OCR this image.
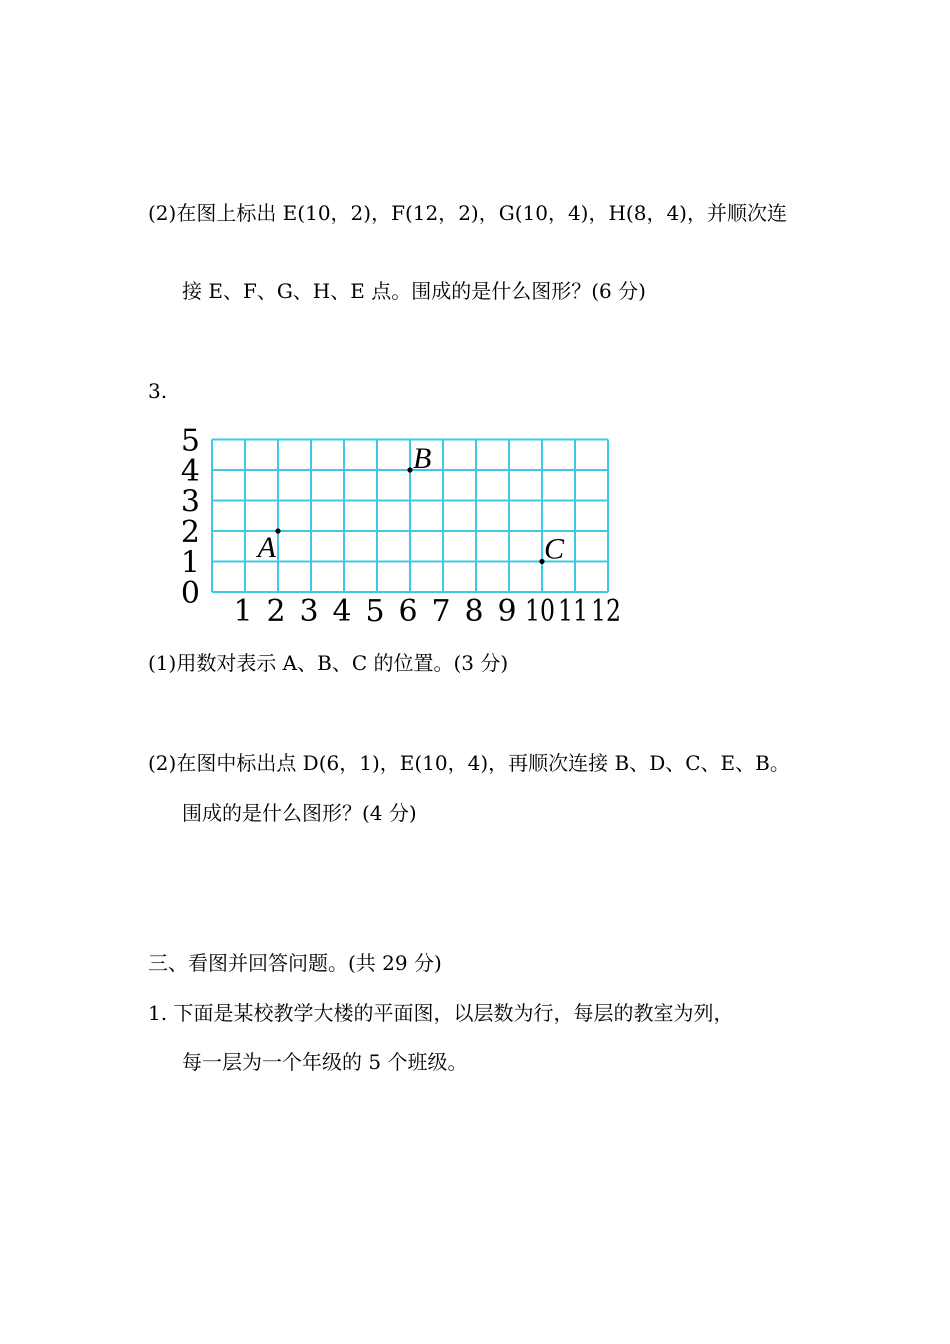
(2)在图上标出 E(10，2)，F(12，2)，G(10，4)，H(8，4)，并顺次连
接 E、F、G、H、E 点。围成的是什么图形？(6 分)
3.
0
1
2
3
4
5
1 2 3 4 5 6 7 8 9 10 11 12
A
B
C
(1)用数对表示 A、B、C 的位置。(3 分)
(2)在图中标出点 D(6，1)，E(10，4)，再顺次连接 B、D、C、E、B。
围成的是什么图形？(4 分)
三、看图并回答问题。(共 29 分)
1. 下面是某校教学大楼的平面图，以层数为行，每层的教室为列，
每一层为一个年级的 5 个班级。
